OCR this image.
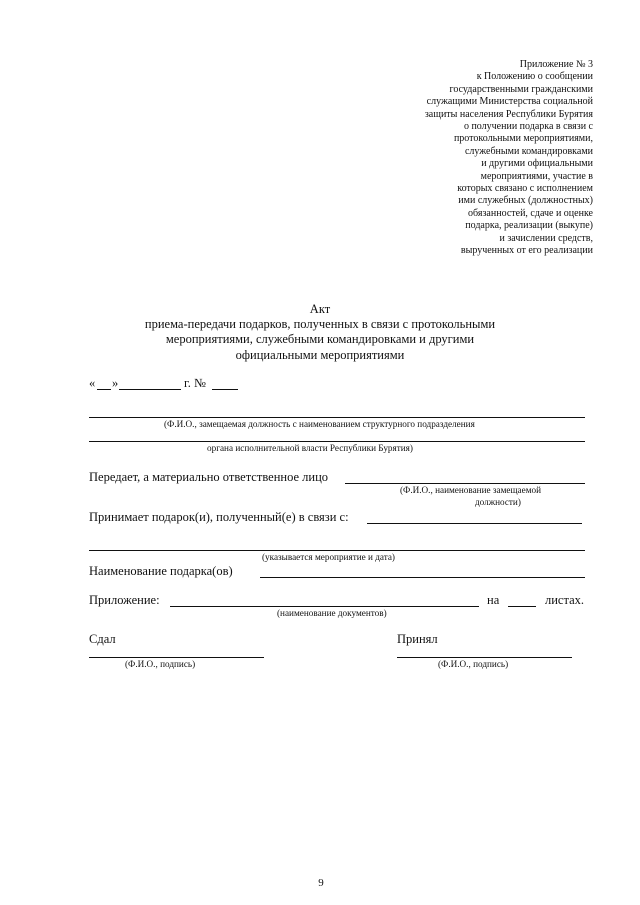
Приложение № 3
к Положению о сообщении
государственными гражданскими
служащими Министерства социальной
защиты населения Республики Бурятия
о получении подарка в связи с
протокольными мероприятиями,
служебными командировками
и другими официальными
мероприятиями, участие в
которых связано с исполнением
ими служебных (должностных)
обязанностей, сдаче и оценке
подарка, реализации (выкупе)
и зачислении средств,
вырученных от его реализации
Акт
приема-передачи подарков, полученных в связи с протокольными
мероприятиями, служебными командировками и другими
официальными мероприятиями
« »	г. №
(Ф.И.О., замещаемая должность с наименованием структурного подразделения
органа исполнительной власти Республики Бурятия)
Передает, а материально ответственное лицо
(Ф.И.О., наименование замещаемой
должности)
Принимает подарок(и), полученный(е) в связи с:
(указывается мероприятие и дата)
Наименование подарка(ов)
Приложение:	на	листах.
(наименование документов)
Сдал	Принял
(Ф.И.О., подпись)	(Ф.И.О., подпись)
9
